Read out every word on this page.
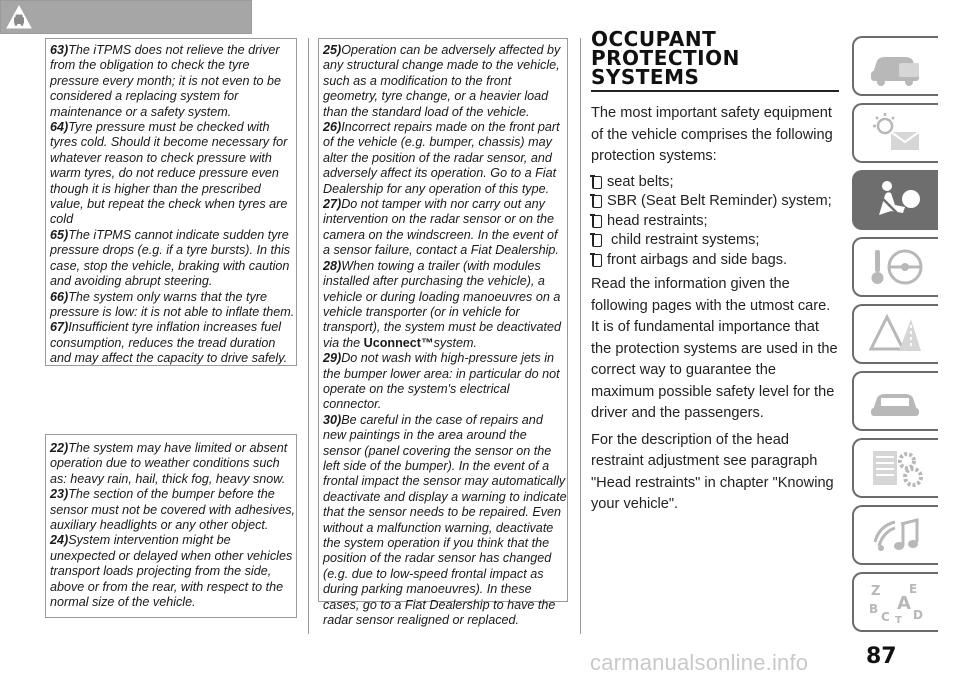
63)The iTPMS does not relieve the driver from the obligation to check the tyre pressure every month; it is not even to be considered a replacing system for maintenance or a safety system.
64)Tyre pressure must be checked with tyres cold. Should it become necessary for whatever reason to check pressure with warm tyres, do not reduce pressure even though it is higher than the prescribed value, but repeat the check when tyres are cold
65)The iTPMS cannot indicate sudden tyre pressure drops (e.g. if a tyre bursts). In this case, stop the vehicle, braking with caution and avoiding abrupt steering.
66)The system only warns that the tyre pressure is low: it is not able to inflate them.
67)Insufficient tyre inflation increases fuel consumption, reduces the tread duration and may affect the capacity to drive safely.
IMPORTANT
22)The system may have limited or absent operation due to weather conditions such as: heavy rain, hail, thick fog, heavy snow.
23)The section of the bumper before the sensor must not be covered with adhesives, auxiliary headlights or any other object.
24)System intervention might be unexpected or delayed when other vehicles transport loads projecting from the side, above or from the rear, with respect to the normal size of the vehicle.
25)Operation can be adversely affected by any structural change made to the vehicle, such as a modification to the front geometry, tyre change, or a heavier load than the standard load of the vehicle.
26)Incorrect repairs made on the front part of the vehicle (e.g. bumper, chassis) may alter the position of the radar sensor, and adversely affect its operation. Go to a Fiat Dealership for any operation of this type.
27)Do not tamper with nor carry out any intervention on the radar sensor or on the camera on the windscreen. In the event of a sensor failure, contact a Fiat Dealership.
28)When towing a trailer (with modules installed after purchasing the vehicle), a vehicle or during loading manoeuvres on a vehicle transporter (or in vehicle for transport), the system must be deactivated via the Uconnect™system.
29)Do not wash with high-pressure jets in the bumper lower area: in particular do not operate on the system's electrical connector.
30)Be careful in the case of repairs and new paintings in the area around the sensor (panel covering the sensor on the left side of the bumper). In the event of a frontal impact the sensor may automatically deactivate and display a warning to indicate that the sensor needs to be repaired. Even without a malfunction warning, deactivate the system operation if you think that the position of the radar sensor has changed (e.g. due to low-speed frontal impact as during parking manoeuvres). In these cases, go to a Fiat Dealership to have the radar sensor realigned or replaced.
OCCUPANT
PROTECTION
SYSTEMS

The most important safety equipment of the vehicle comprises the following protection systems:

seat belts;
SBR (Seat Belt Reminder) system;
head restraints;
child restraint systems;
front airbags and side bags.

Read the information given the following pages with the utmost care. It is of fundamental importance that the protection systems are used in the correct way to guarantee the maximum possible safety level for the driver and the passengers.

For the description of the head restraint adjustment see paragraph "Head restraints" in chapter "Knowing your vehicle".

Z E
B A
C D
T
carmanualsonline.info	87
